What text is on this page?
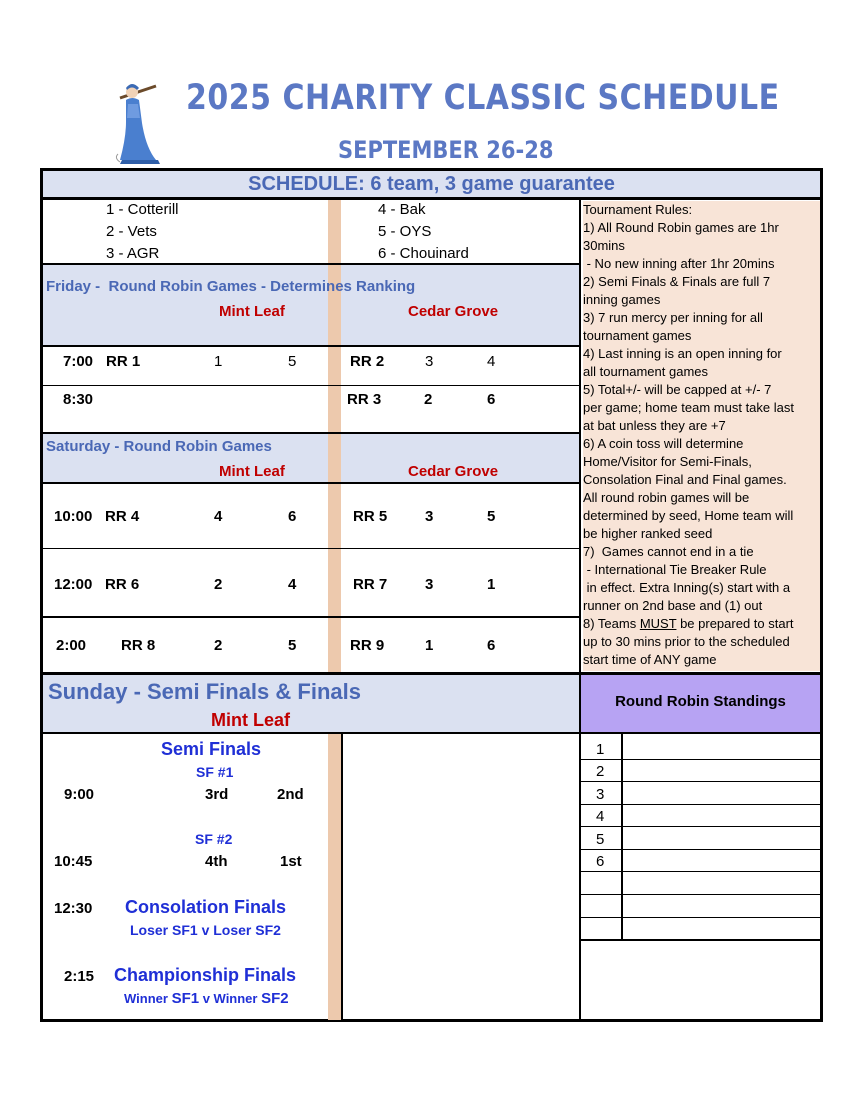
2025 CHARITY CLASSIC SCHEDULE
SEPTEMBER 26-28
SCHEDULE: 6 team, 3 game guarantee
1 - Cotterill
2 - Vets
3 - AGR
4 - Bak
5 - OYS
6 - Chouinard
Friday -  Round Robin Games - Determines Ranking
Mint Leaf	Cedar Grove
7:00 RR 1	1	5	RR 2	3	4
8:30	RR 3	2	6
Saturday - Round Robin Games
Mint Leaf	Cedar Grove
10:00 RR 4	4	6	RR 5	3	5
12:00 RR 6	2	4	RR 7	3	1
2:00 RR 8	2	5	RR 9	1	6
Tournament Rules:
1) All Round Robin games are 1hr
30mins
- No new inning after 1hr 20mins
2) Semi Finals & Finals are full 7
inning games
3) 7 run mercy per inning for all
tournament games
4) Last inning is an open inning for
all tournament games
5) Total+/- will be capped at +/- 7
per game; home team must take last
at bat unless they are +7
6) A coin toss will determine
Home/Visitor for Semi-Finals,
Consolation Final and Final games.
All round robin games will be
determined by seed, Home team will
be higher ranked seed
7)  Games cannot end in a tie
- International Tie Breaker Rule
in effect. Extra Inning(s) start with a
runner on 2nd base and (1) out
8) Teams MUST be prepared to start
up to 30 mins prior to the scheduled
start time of ANY game
Sunday - Semi Finals & Finals
Mint Leaf
Round Robin Standings
Semi Finals
SF #1
9:00	3rd	2nd
SF #2
10:45	4th	1st
12:30 Consolation Finals
Loser SF1 v Loser SF2
2:15 Championship Finals
Winner SF1 v Winner SF2
1
2
3
4
5
6
